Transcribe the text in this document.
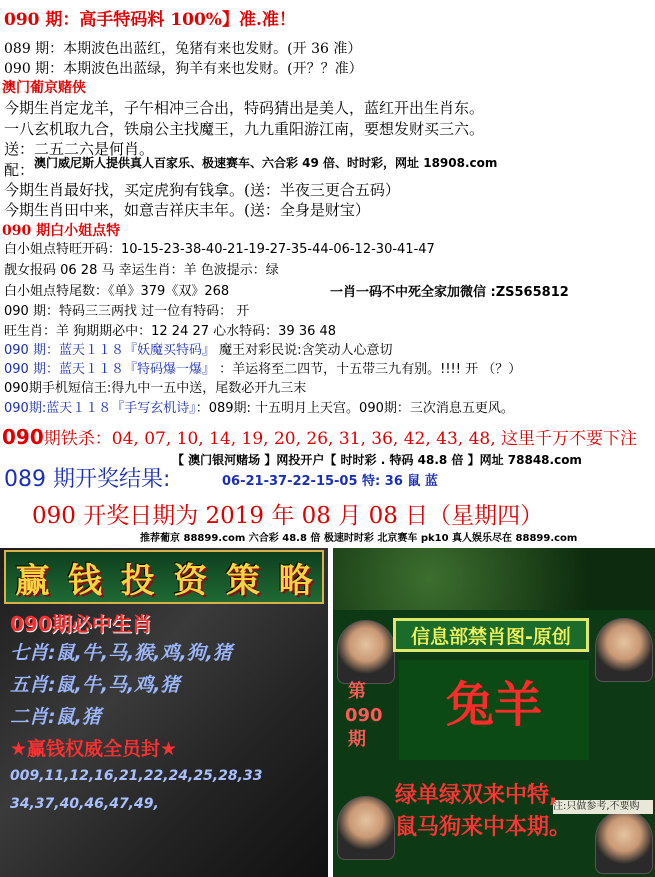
090 期：高手特码料 100%】准.准！
089 期：本期波色出蓝红，兔猪有来也发财。(开 36 准）
090 期：本期波色出蓝绿，狗羊有来也发财。(开？？准）
澳门葡京赌侠
今期生肖定龙羊，子午相冲三合出，特码猜出是美人，蓝红开出生肖东。
一八玄机取九合，铁扇公主找魔王，九九重阳游江南，要想发财买三六。
送：二五二六是何肖。
澳门威尼斯人提供真人百家乐、极速赛车、六合彩 49 倍、时时彩，网址 18908.com
配：
今期生肖最好找，买定虎狗有钱拿。(送：半夜三更合五码）
今期生肖田中来，如意吉祥庆丰年。(送：全身是财宝）
090 期白小姐点特
白小姐点特旺开码：10-15-23-38-40-21-19-27-35-44-06-12-30-41-47
靓女报码 06 28 马 幸运生肖：羊 色波提示：绿
白小姐点特尾数：《单》379《双》268	一肖一码不中死全家加微信 :ZS565812
090 期：特码三三两找 过一位有特码： 开
旺生肖：羊 狗期期必中：12 24 27 心水特码：39 36 48
090 期：蓝天１１８『妖魔买特码』 魔王对彩民说:含笑动人心意切
090 期：蓝天１１８『特码爆一爆』 ：羊运将至二四节，十五带三九有别。!!!! 开 （？）
090期手机短信王:得九中一五中送，尾数必开九三末
090期:蓝天１１８『手写玄机诗』：089期: 十五明月上天宫。090期：三次消息五更风。
090期铁杀：04, 07, 10, 14, 19, 20, 26, 31, 36, 42, 43, 48, 这里千万不要下注
【 澳门银河赌场 】网投开户【 时时彩 . 特码 48.8 倍 】网址 78848.com
089 期开奖结果:	06-21-37-22-15-05 特: 36 鼠 蓝
090 开奖日期为 2019 年 08 月 08 日（星期四）
推荐葡京 88899.com 六合彩 48.8 倍 极速时时彩 北京赛车 pk10 真人娱乐尽在 88899.com
赢 钱 投 资 策 略
090期必中生肖
七肖:鼠,牛,马,猴,鸡,狗,猪
五肖:鼠,牛,马,鸡,猪
二肖:鼠,猪
★赢钱权威全员封★
009,11,12,16,21,22,24,25,28,33
34,37,40,46,47,49,
信息部禁肖图-原创
第090期
兔羊
注:只做参考,不要购
绿单绿双来中特,
鼠马狗来中本期。
